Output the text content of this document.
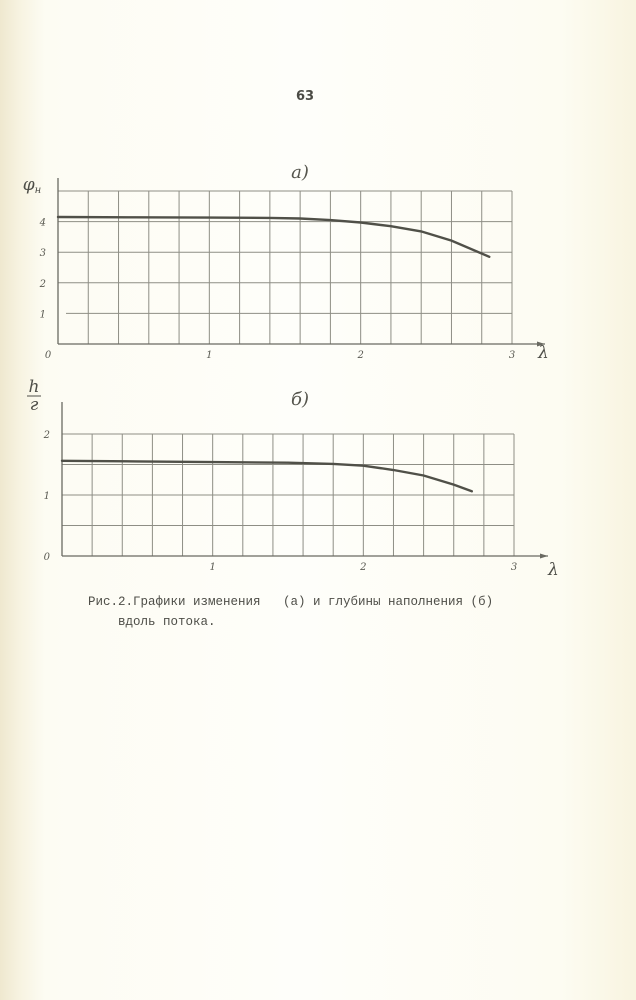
63
0	1	2	3
1
2
3
4
λ
φн
а)
1	2	3
0
1
2
λ
h
г	б)
Рис.2.Графики изменения   (а) и глубины наполнения (б)

вдоль потока.
